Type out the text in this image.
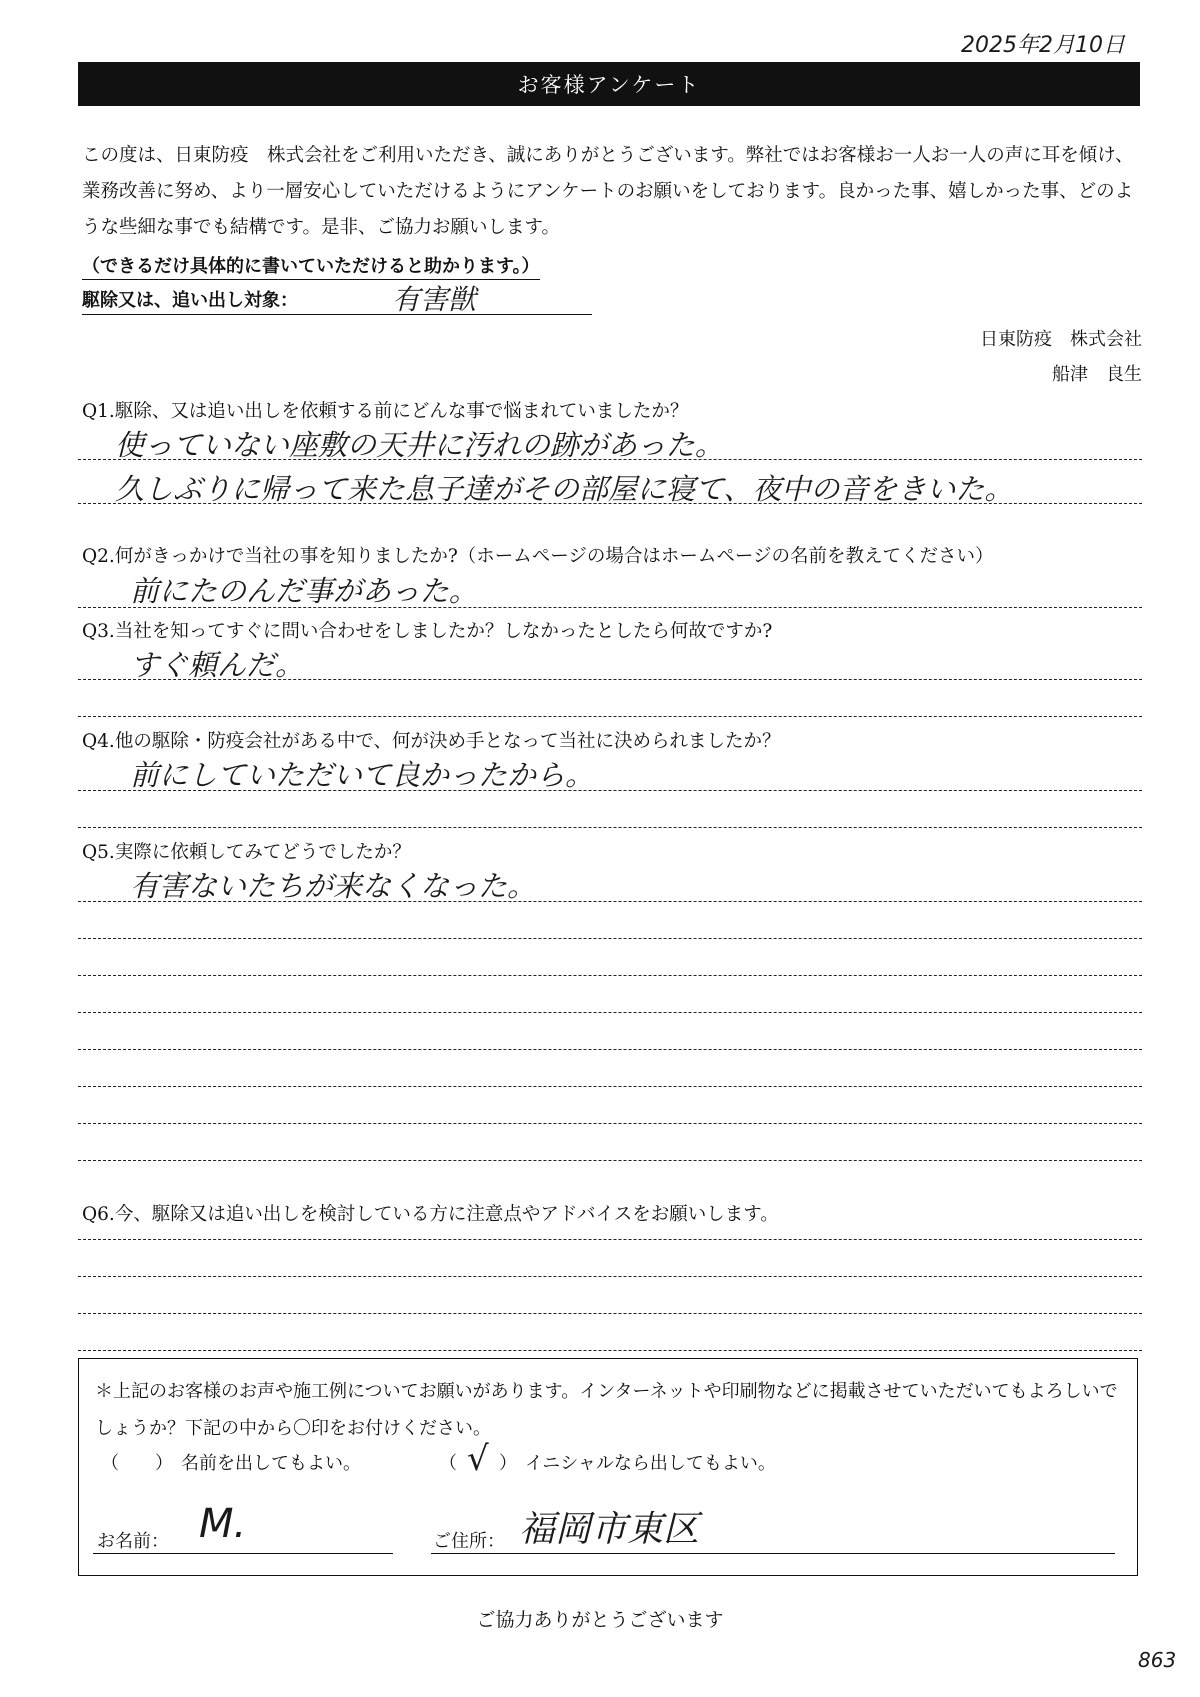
2025年2月10日
お客様アンケート
この度は、日東防疫　株式会社をご利用いただき、誠にありがとうございます。弊社ではお客様お一人お一人の声に耳を傾け、業務改善に努め、より一層安心していただけるようにアンケートのお願いをしております。良かった事、嬉しかった事、どのような些細な事でも結構です。是非、ご協力お願いします。
（できるだけ具体的に書いていただけると助かります。）
駆除又は、追い出し対象：	有害獣
日東防疫　株式会社
船津　良生
Q1.駆除、又は追い出しを依頼する前にどんな事で悩まれていましたか？
使っていない座敷の天井に汚れの跡があった。
久しぶりに帰って来た息子達がその部屋に寝て、夜中の音をきいた。
Q2.何がきっかけで当社の事を知りましたか?（ホームページの場合はホームページの名前を教えてください）
前にたのんだ事があった。
Q3.当社を知ってすぐに問い合わせをしましたか？しなかったとしたら何故ですか?
すぐ頼んだ。
Q4.他の駆除・防疫会社がある中で、何が決め手となって当社に決められましたか？
前にしていただいて良かったから。
Q5.実際に依頼してみてどうでしたか？
有害ないたちが来なくなった。
Q6.今、駆除又は追い出しを検討している方に注意点やアドバイスをお願いします。
＊上記のお客様のお声や施工例についてお願いがあります。インターネットや印刷物などに掲載させていただいてもよろしいでしょうか？下記の中から〇印をお付けください。
（ ） 名前を出してもよい。	（ √ ） イニシャルなら出してもよい。
お名前： M.	ご住所： 福岡市東区
ご協力ありがとうございます
863
